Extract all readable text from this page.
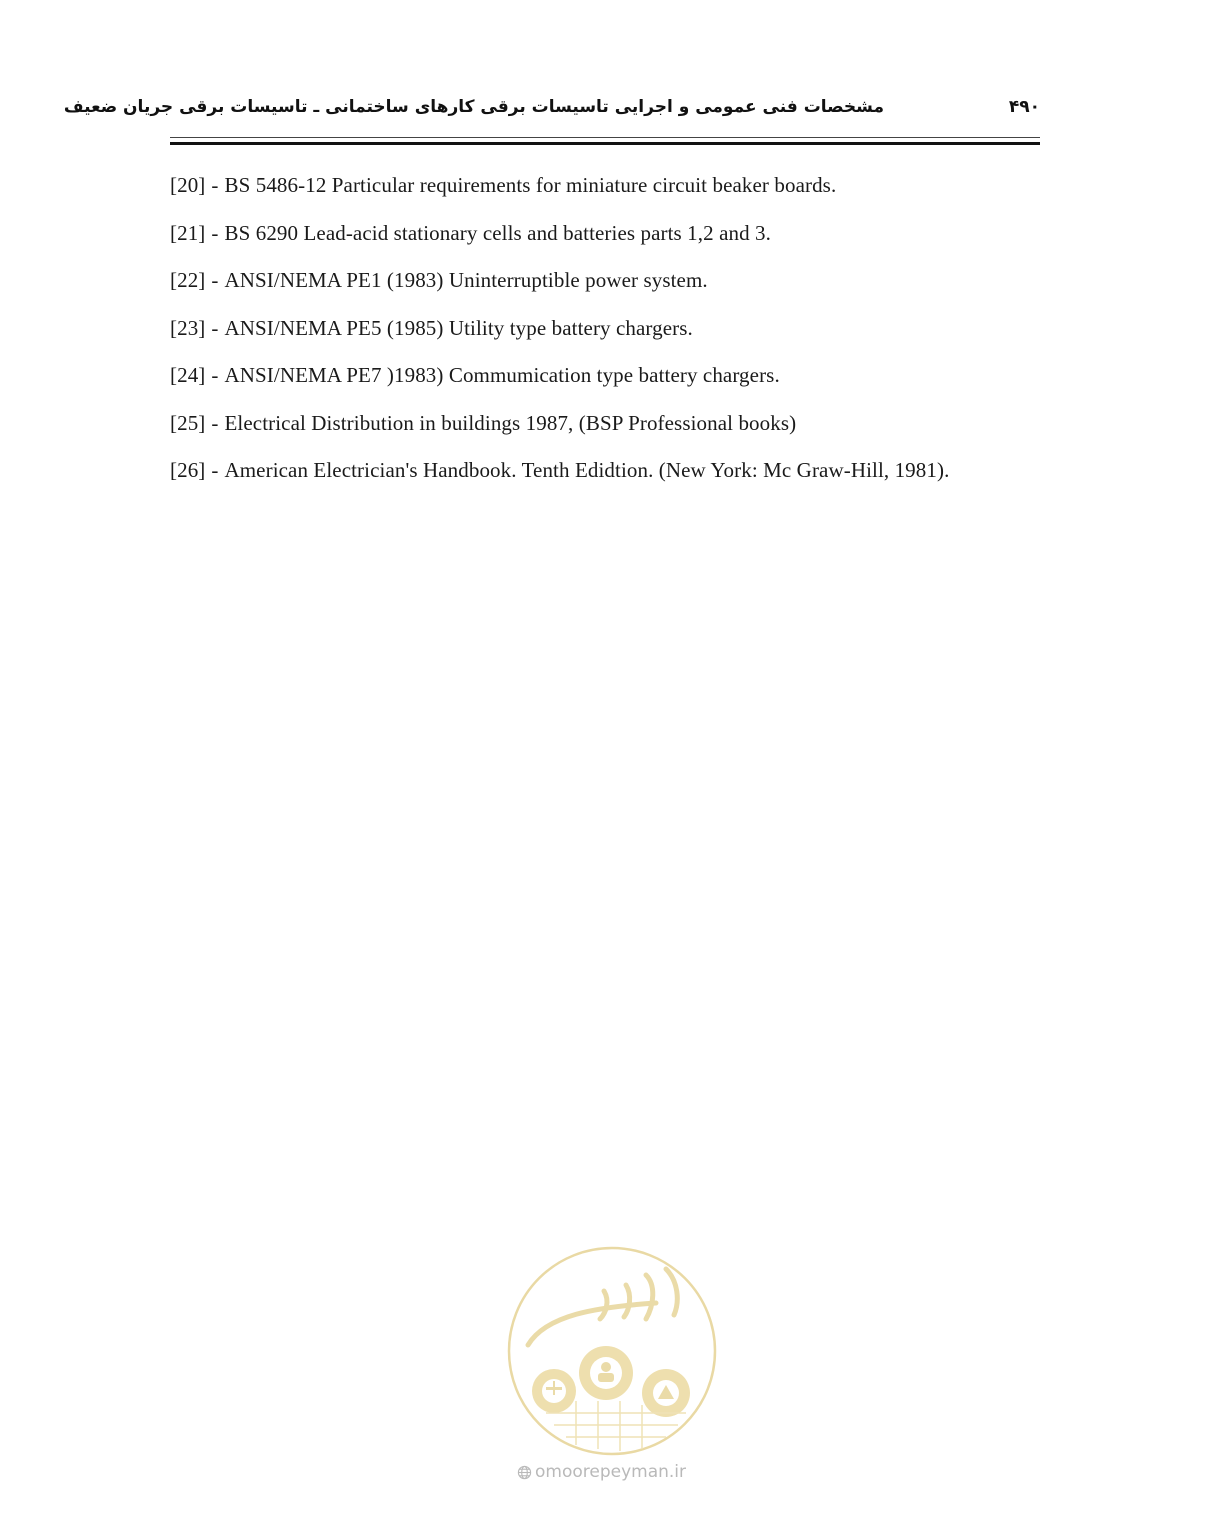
مشخصات فنی عمومی و اجرایی تاسیسات برقی کارهای ساختمانی ـ تاسیسات برقی جریان ضعیف	۴۹۰
[20] - BS 5486-12 Particular requirements for miniature circuit beaker boards.
[21] - BS 6290 Lead-acid stationary cells and batteries parts 1,2 and 3.
[22] - ANSI/NEMA PE1 (1983) Uninterruptible power system.
[23] - ANSI/NEMA PE5 (1985) Utility type battery chargers.
[24] - ANSI/NEMA PE7 )1983) Commumication type battery chargers.
[25] - Electrical Distribution in buildings 1987, (BSP Professional books)
[26] - American Electrician's Handbook. Tenth Edidtion. (New York: Mc Graw-Hill, 1981).
omoorepeyman.ir
